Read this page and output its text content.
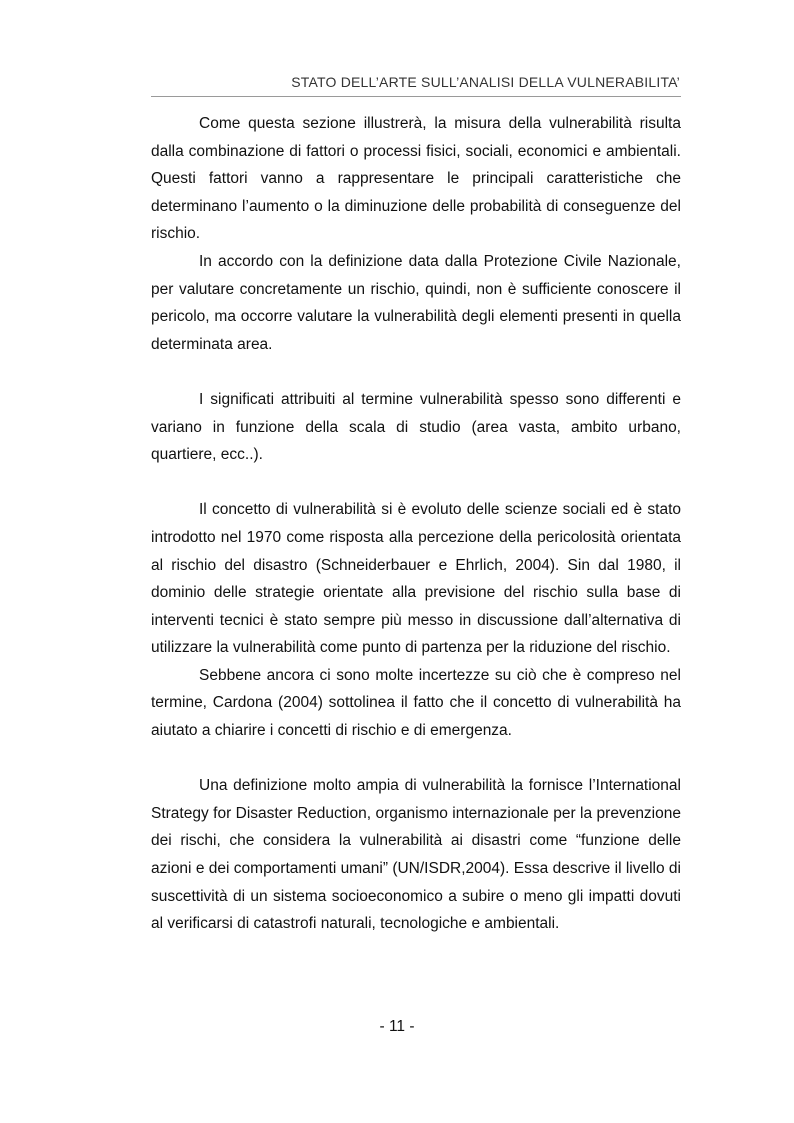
STATO DELL’ARTE SULL’ANALISI DELLA VULNERABILITA’

Come questa sezione illustrerà, la misura della vulnerabilità risulta dalla combinazione di fattori o processi fisici, sociali, economici e ambientali. Questi fattori vanno a rappresentare le principali caratteristiche che determinano l’aumento o la diminuzione delle probabilità di conseguenze del rischio.

In accordo con la definizione data dalla Protezione Civile Nazionale, per valutare concretamente un rischio, quindi, non è sufficiente conoscere il pericolo, ma occorre valutare la vulnerabilità degli elementi presenti in quella determinata area.

I significati attribuiti al termine vulnerabilità spesso sono differenti e variano in funzione della scala di studio (area vasta, ambito urbano, quartiere, ecc..).

Il concetto di vulnerabilità si è evoluto delle scienze sociali ed è stato introdotto nel 1970 come risposta alla percezione della pericolosità orientata al rischio del disastro (Schneiderbauer e Ehrlich, 2004). Sin dal 1980, il dominio delle strategie orientate alla previsione del rischio sulla base di interventi tecnici è stato sempre più messo in discussione dall’alternativa di utilizzare la vulnerabilità come punto di partenza per la riduzione del rischio.

Sebbene ancora ci sono molte incertezze su ciò che è compreso nel termine, Cardona (2004) sottolinea il fatto che il concetto di vulnerabilità ha aiutato a chiarire i concetti di rischio e di emergenza.

Una definizione molto ampia di vulnerabilità la fornisce l’International Strategy for Disaster Reduction, organismo internazionale per la prevenzione dei rischi, che considera la vulnerabilità ai disastri come “funzione delle azioni e dei comportamenti umani” (UN/ISDR,2004). Essa descrive il livello di suscettività di un sistema socioeconomico a subire o meno gli impatti dovuti al verificarsi di catastrofi naturali, tecnologiche e ambientali.

- 11 -
